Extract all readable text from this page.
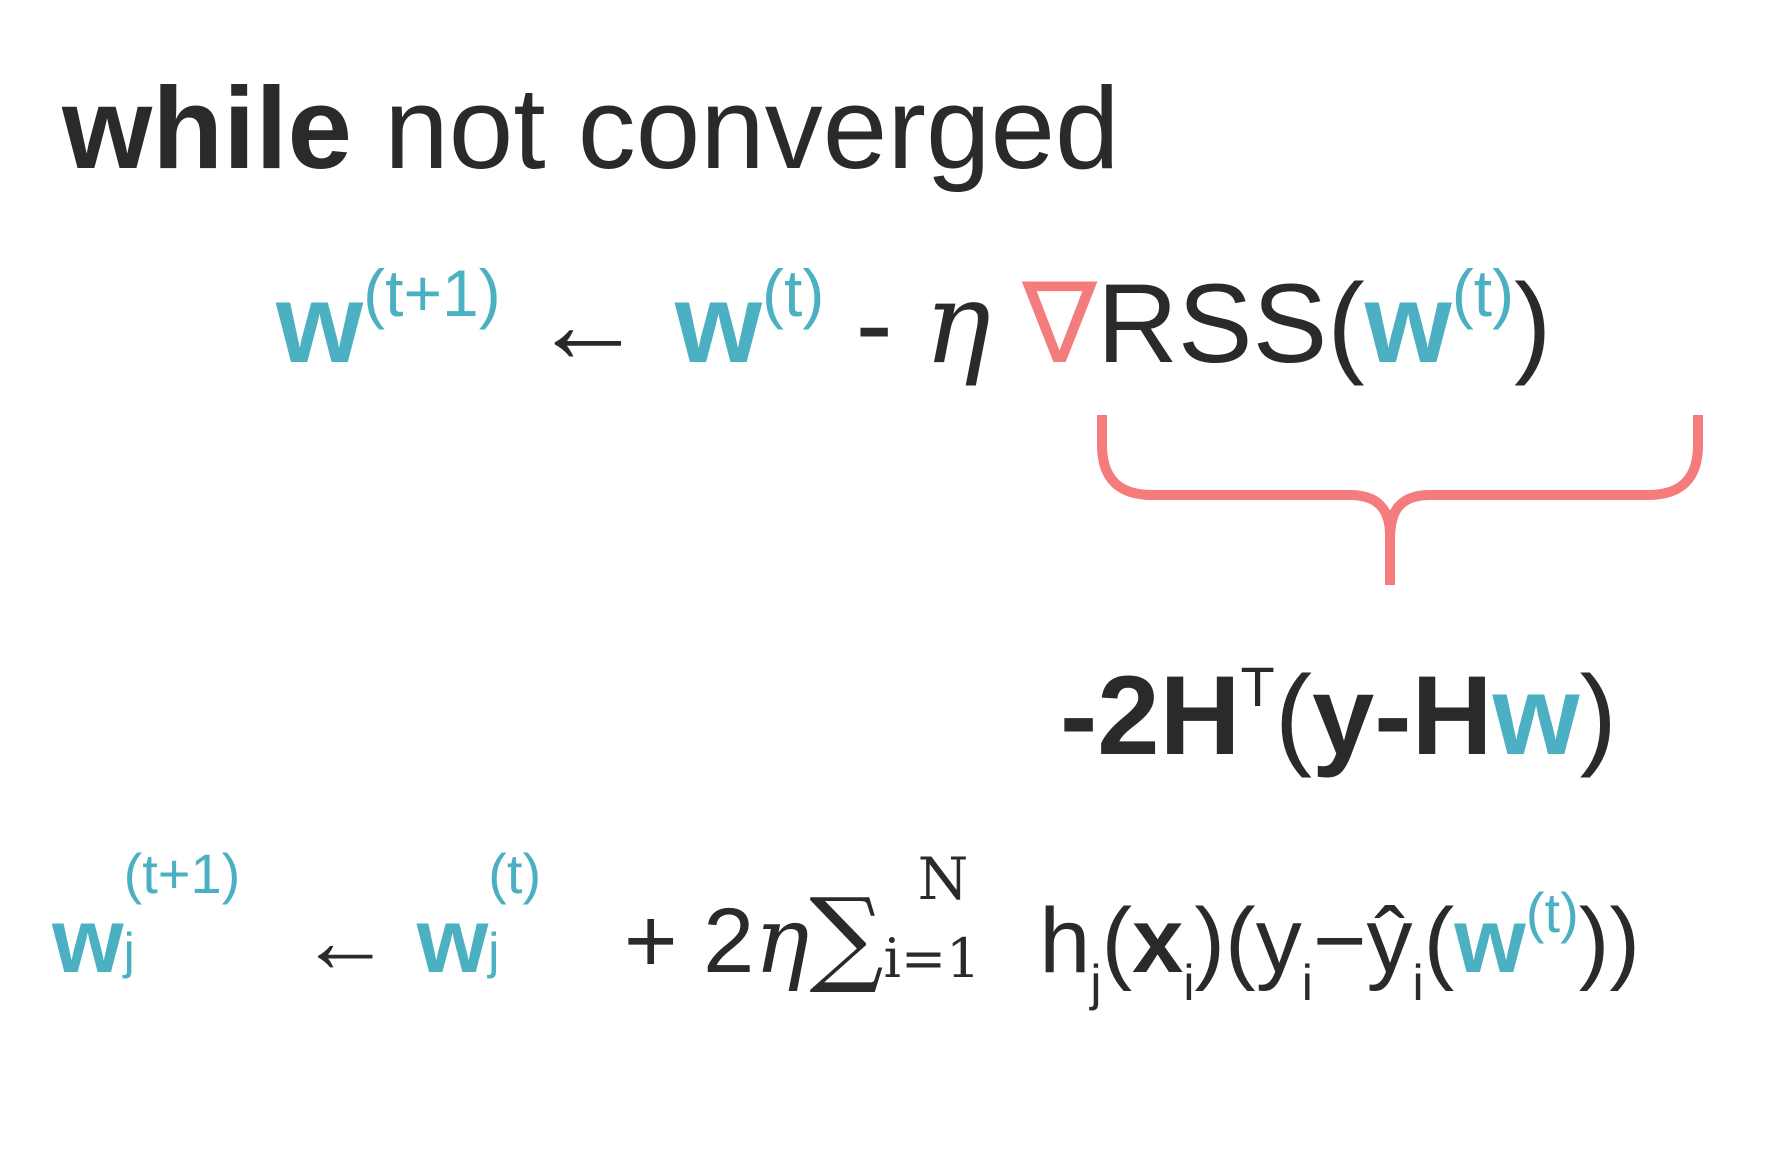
while not converged
$w^{(t+1)}$ ← $w^{(t)}$ - η $\nabla RSS(w^{(t)})$
$-2H^T(y-Hw)$
w
(t+1)
j ← w
(t)
j + 2η∑ N
i=1 $h_j(x_i)(y_i-ŷ_i(w^{(t)}))$
